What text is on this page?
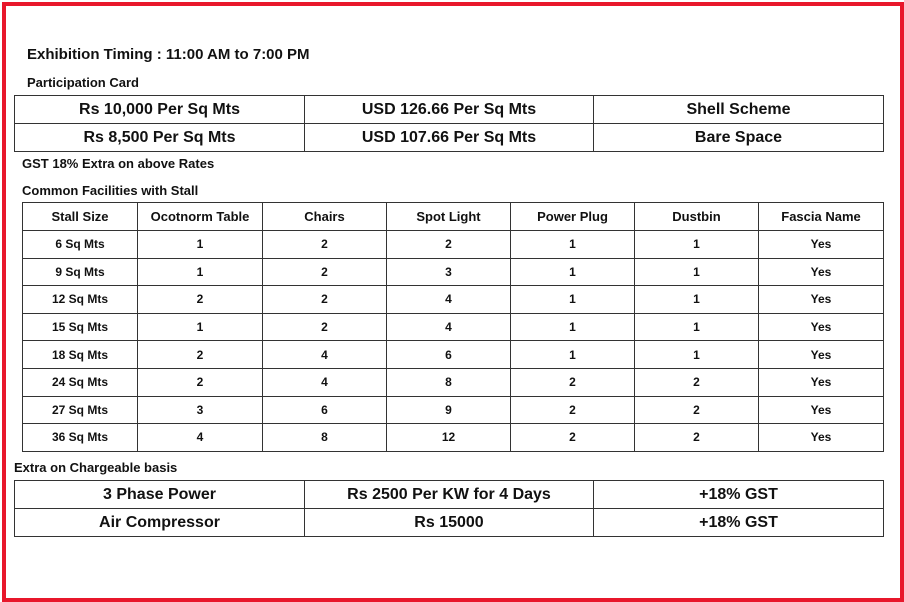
Exhibition Timing : 11:00 AM to 7:00 PM
Participation Card
Rs 10,000 Per Sq Mts	USD 126.66 Per Sq Mts	Shell Scheme
Rs 8,500 Per Sq Mts	USD 107.66 Per Sq Mts	Bare Space
GST 18% Extra on above Rates
Common Facilities with Stall
Stall Size	Ocotnorm Table	Chairs	Spot Light	Power Plug	Dustbin	Fascia Name
6 Sq Mts	1	2	2	1	1	Yes
9 Sq Mts	1	2	3	1	1	Yes
12 Sq Mts	2	2	4	1	1	Yes
15 Sq Mts	1	2	4	1	1	Yes
18 Sq Mts	2	4	6	1	1	Yes
24 Sq Mts	2	4	8	2	2	Yes
27 Sq Mts	3	6	9	2	2	Yes
36 Sq Mts	4	8	12	2	2	Yes
Extra on Chargeable basis
3 Phase Power	Rs 2500 Per KW for 4 Days	+18% GST
Air Compressor	Rs 15000	+18% GST
